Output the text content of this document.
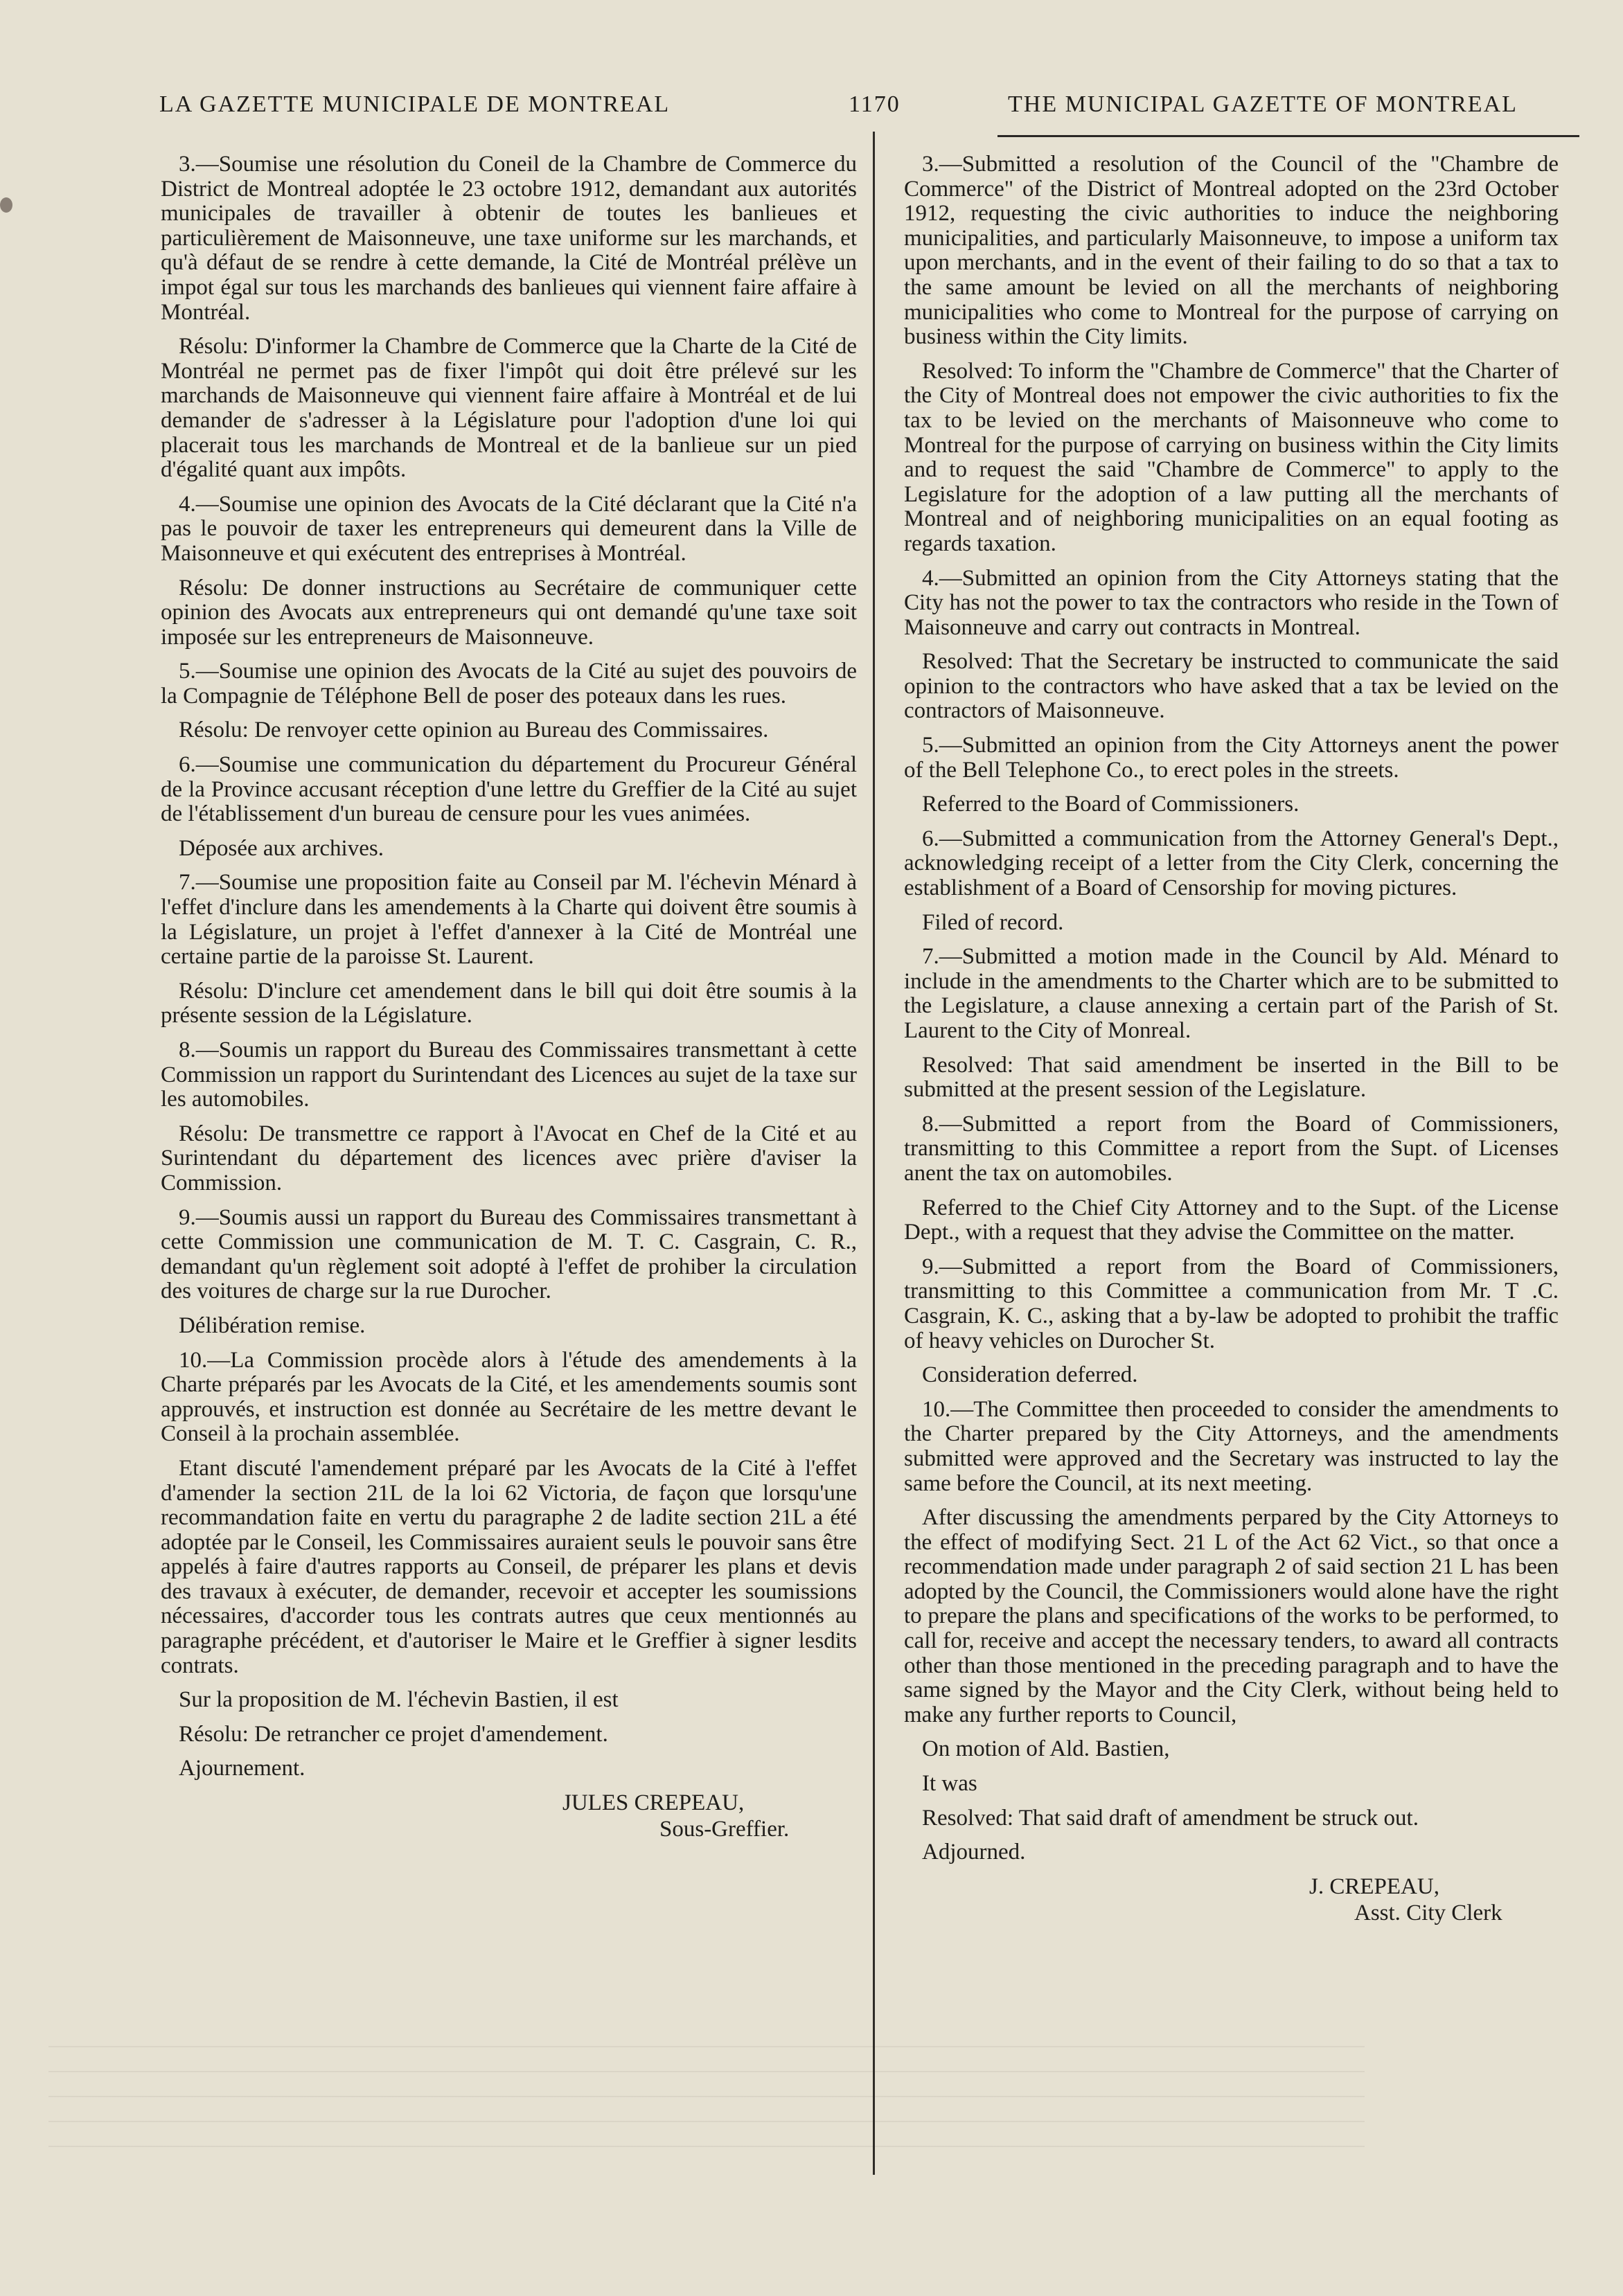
LA GAZETTE MUNICIPALE DE MONTREAL	1170	THE MUNICIPAL GAZETTE OF MONTREAL

3.—Soumise une résolution du Coneil de la Chambre de Commerce du District de Montreal adoptée le 23 octobre 1912, demandant aux autorités municipales de travailler à obtenir de toutes les banlieues et particulièrement de Maisonneuve, une taxe uniforme sur les marchands, et qu'à défaut de se rendre à cette demande, la Cité de Montréal prélève un impot égal sur tous les marchands des banlieues qui viennent faire affaire à Montréal.

Résolu: D'informer la Chambre de Commerce que la Charte de la Cité de Montréal ne permet pas de fixer l'impôt qui doit être prélevé sur les marchands de Maisonneuve qui viennent faire affaire à Montréal et de lui demander de s'adresser à la Législature pour l'adoption d'une loi qui placerait tous les marchands de Montreal et de la banlieue sur un pied d'égalité quant aux impôts.

4.—Soumise une opinion des Avocats de la Cité déclarant que la Cité n'a pas le pouvoir de taxer les entrepreneurs qui demeurent dans la Ville de Maisonneuve et qui exécutent des entreprises à Montréal.

Résolu: De donner instructions au Secrétaire de communiquer cette opinion des Avocats aux entrepreneurs qui ont demandé qu'une taxe soit imposée sur les entrepreneurs de Maisonneuve.

5.—Soumise une opinion des Avocats de la Cité au sujet des pouvoirs de la Compagnie de Téléphone Bell de poser des poteaux dans les rues.

Résolu: De renvoyer cette opinion au Bureau des Commissaires.

6.—Soumise une communication du département du Procureur Général de la Province accusant réception d'une lettre du Greffier de la Cité au sujet de l'établissement d'un bureau de censure pour les vues animées.

Déposée aux archives.

7.—Soumise une proposition faite au Conseil par M. l'échevin Ménard à l'effet d'inclure dans les amendements à la Charte qui doivent être soumis à la Législature, un projet à l'effet d'annexer à la Cité de Montréal une certaine partie de la paroisse St. Laurent.

Résolu: D'inclure cet amendement dans le bill qui doit être soumis à la présente session de la Législature.

8.—Soumis un rapport du Bureau des Commissaires transmettant à cette Commission un rapport du Surintendant des Licences au sujet de la taxe sur les automobiles.

Résolu: De transmettre ce rapport à l'Avocat en Chef de la Cité et au Surintendant du département des licences avec prière d'aviser la Commission.

9.—Soumis aussi un rapport du Bureau des Commissaires transmettant à cette Commission une communication de M. T. C. Casgrain, C. R., demandant qu'un règlement soit adopté à l'effet de prohiber la circulation des voitures de charge sur la rue Durocher.

Délibération remise.

10.—La Commission procède alors à l'étude des amendements à la Charte préparés par les Avocats de la Cité, et les amendements soumis sont approuvés, et instruction est donnée au Secrétaire de les mettre devant le Conseil à la prochain assemblée.

Etant discuté l'amendement préparé par les Avocats de la Cité à l'effet d'amender la section 21L de la loi 62 Victoria, de façon que lorsqu'une recommandation faite en vertu du paragraphe 2 de ladite section 21L a été adoptée par le Conseil, les Commissaires auraient seuls le pouvoir sans être appelés à faire d'autres rapports au Conseil, de préparer les plans et devis des travaux à exécuter, de demander, recevoir et accepter les soumissions nécessaires, d'accorder tous les contrats autres que ceux mentionnés au paragraphe précédent, et d'autoriser le Maire et le Greffier à signer lesdits contrats.

Sur la proposition de M. l'échevin Bastien, il est

Résolu: De retrancher ce projet d'amendement.

Ajournement.

JULES CREPEAU,
Sous-Greffier.

3.—Submitted a resolution of the Council of the "Chambre de Commerce" of the District of Montreal adopted on the 23rd October 1912, requesting the civic authorities to induce the neighboring municipalities, and particularly Maisonneuve, to impose a uniform tax upon merchants, and in the event of their failing to do so that a tax to the same amount be levied on all the merchants of neighboring municipalities who come to Montreal for the purpose of carrying on business within the City limits.

Resolved: To inform the "Chambre de Commerce" that the Charter of the City of Montreal does not empower the civic authorities to fix the tax to be levied on the merchants of Maisonneuve who come to Montreal for the purpose of carrying on business within the City limits and to request the said "Chambre de Commerce" to apply to the Legislature for the adoption of a law putting all the merchants of Montreal and of neighboring municipalities on an equal footing as regards taxation.

4.—Submitted an opinion from the City Attorneys stating that the City has not the power to tax the contractors who reside in the Town of Maisonneuve and carry out contracts in Montreal.

Resolved: That the Secretary be instructed to communicate the said opinion to the contractors who have asked that a tax be levied on the contractors of Maisonneuve.

5.—Submitted an opinion from the City Attorneys anent the power of the Bell Telephone Co., to erect poles in the streets.

Referred to the Board of Commissioners.

6.—Submitted a communication from the Attorney General's Dept., acknowledging receipt of a letter from the City Clerk, concerning the establishment of a Board of Censorship for moving pictures.

Filed of record.

7.—Submitted a motion made in the Council by Ald. Ménard to include in the amendments to the Charter which are to be submitted to the Legislature, a clause annexing a certain part of the Parish of St. Laurent to the City of Monreal.

Resolved: That said amendment be inserted in the Bill to be submitted at the present session of the Legislature.

8.—Submitted a report from the Board of Commissioners, transmitting to this Committee a report from the Supt. of Licenses anent the tax on automobiles.

Referred to the Chief City Attorney and to the Supt. of the License Dept., with a request that they advise the Committee on the matter.

9.—Submitted a report from the Board of Commissioners, transmitting to this Committee a communication from Mr. T .C. Casgrain, K. C., asking that a by-law be adopted to prohibit the traffic of heavy vehicles on Durocher St.

Consideration deferred.

10.—The Committee then proceeded to consider the amendments to the Charter prepared by the City Attorneys, and the amendments submitted were approved and the Secretary was instructed to lay the same before the Council, at its next meeting.

After discussing the amendments perpared by the City Attorneys to the effect of modifying Sect. 21 L of the Act 62 Vict., so that once a recommendation made under paragraph 2 of said section 21 L has been adopted by the Council, the Commissioners would alone have the right to prepare the plans and specifications of the works to be performed, to call for, receive and accept the necessary tenders, to award all contracts other than those mentioned in the preceding paragraph and to have the same signed by the Mayor and the City Clerk, without being held to make any further reports to Council,

On motion of Ald. Bastien,

It was

Resolved: That said draft of amendment be struck out.

Adjourned.

J. CREPEAU,
Asst. City Clerk
